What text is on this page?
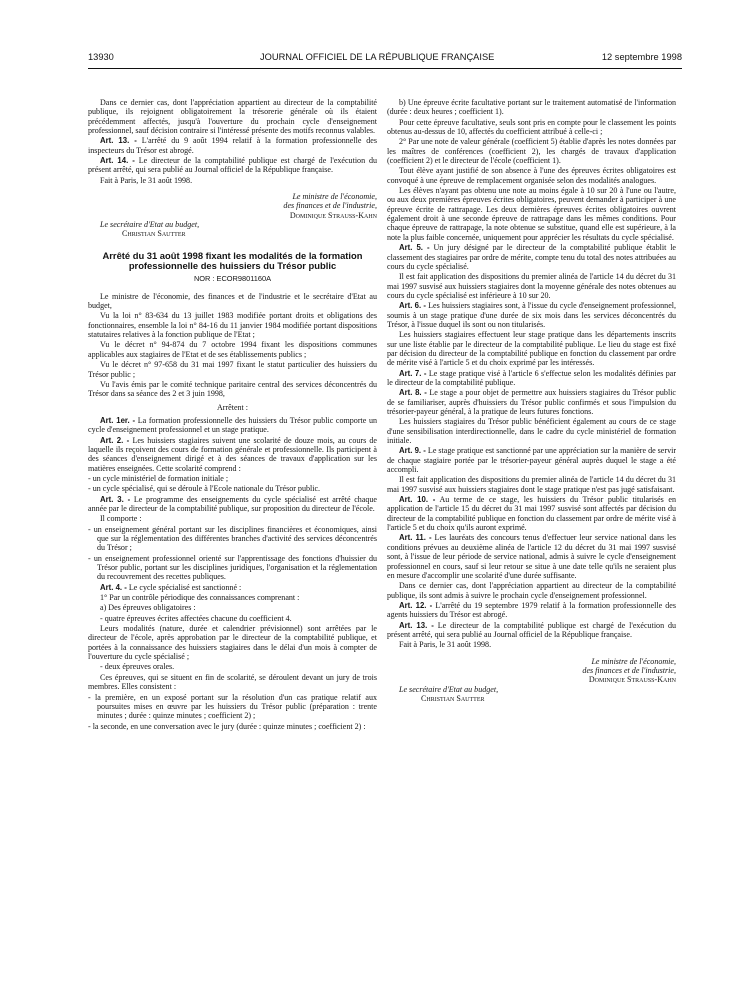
13930	JOURNAL OFFICIEL DE LA RÉPUBLIQUE FRANÇAISE	12 septembre 1998

Dans ce dernier cas, dont l'appréciation appartient au directeur de la comptabilité publique, ils rejoignent obligatoirement la trésorerie générale où ils étaient précédemment affectés, jusqu'à l'ouverture du prochain cycle d'enseignement professionnel, sauf décision contraire si l'intéressé présente des motifs reconnus valables.

Art. 13. - L'arrêté du 9 août 1994 relatif à la formation professionnelle des inspecteurs du Trésor est abrogé.

Art. 14. - Le directeur de la comptabilité publique est chargé de l'exécution du présent arrêté, qui sera publié au Journal officiel de la République française.

Fait à Paris, le 31 août 1998.

Le ministre de l'économie,

des finances et de l'industrie,

Dominique Strauss-Kahn

Le secrétaire d'Etat au budget,

Christian Sautter

Arrêté du 31 août 1998 fixant les modalités de la formation professionnelle des huissiers du Trésor public
NOR : ECOR9801160A

Le ministre de l'économie, des finances et de l'industrie et le secrétaire d'Etat au budget,

Vu la loi n° 83-634 du 13 juillet 1983 modifiée portant droits et obligations des fonctionnaires, ensemble la loi n° 84-16 du 11 janvier 1984 modifiée portant dispositions statutaires relatives à la fonction publique de l'Etat ;

Vu le décret n° 94-874 du 7 octobre 1994 fixant les dispositions communes applicables aux stagiaires de l'Etat et de ses établissements publics ;

Vu le décret n° 97-658 du 31 mai 1997 fixant le statut particulier des huissiers du Trésor public ;

Vu l'avis émis par le comité technique paritaire central des services déconcentrés du Trésor dans sa séance des 2 et 3 juin 1998,

Arrêtent :

Art. 1er. - La formation professionnelle des huissiers du Trésor public comporte un cycle d'enseignement professionnel et un stage pratique.

Art. 2. - Les huissiers stagiaires suivent une scolarité de douze mois, au cours de laquelle ils reçoivent des cours de formation générale et professionnelle. Ils participent à des séances d'enseignement dirigé et à des séances de travaux d'application sur les matières enseignées. Cette scolarité comprend :

- un cycle ministériel de formation initiale ;

- un cycle spécialisé, qui se déroule à l'Ecole nationale du Trésor public.

Art. 3. - Le programme des enseignements du cycle spécialisé est arrêté chaque année par le directeur de la comptabilité publique, sur proposition du directeur de l'école.

Il comporte :

- un enseignement général portant sur les disciplines financières et économiques, ainsi que sur la réglementation des différentes branches d'activité des services déconcentrés du Trésor ;

- un enseignement professionnel orienté sur l'apprentissage des fonctions d'huissier du Trésor public, portant sur les disciplines juridiques, l'organisation et la réglementation du recouvrement des recettes publiques.

Art. 4. - Le cycle spécialisé est sanctionné :

1° Par un contrôle périodique des connaissances comprenant :

a) Des épreuves obligatoires :

- quatre épreuves écrites affectées chacune du coefficient 4.

Leurs modalités (nature, durée et calendrier prévisionnel) sont arrêtées par le directeur de l'école, après approbation par le directeur de la comptabilité publique, et portées à la connaissance des huissiers stagiaires dans le délai d'un mois à compter de l'ouverture du cycle spécialisé ;

- deux épreuves orales.

Ces épreuves, qui se situent en fin de scolarité, se déroulent devant un jury de trois membres. Elles consistent :

- la première, en un exposé portant sur la résolution d'un cas pratique relatif aux poursuites mises en œuvre par les huissiers du Trésor public (préparation : trente minutes ; durée : quinze minutes ; coefficient 2) ;

- la seconde, en une conversation avec le jury (durée : quinze minutes ; coefficient 2) :

b) Une épreuve écrite facultative portant sur le traitement automatisé de l'information (durée : deux heures ; coefficient 1).

Pour cette épreuve facultative, seuls sont pris en compte pour le classement les points obtenus au-dessus de 10, affectés du coefficient attribué à celle-ci ;

2° Par une note de valeur générale (coefficient 5) établie d'après les notes données par les maîtres de conférences (coefficient 2), les chargés de travaux d'application (coefficient 2) et le directeur de l'école (coefficient 1).

Tout élève ayant justifié de son absence à l'une des épreuves écrites obligatoires est convoqué à une épreuve de remplacement organisée selon des modalités analogues.

Les élèves n'ayant pas obtenu une note au moins égale à 10 sur 20 à l'une ou l'autre, ou aux deux premières épreuves écrites obligatoires, peuvent demander à participer à une épreuve écrite de rattrapage. Les deux dernières épreuves écrites obligatoires ouvrent également droit à une seconde épreuve de rattrapage dans les mêmes conditions. Pour chaque épreuve de rattrapage, la note obtenue se substitue, quand elle est supérieure, à la note la plus faible concernée, uniquement pour apprécier les résultats du cycle spécialisé.

Art. 5. - Un jury désigné par le directeur de la comptabilité publique établit le classement des stagiaires par ordre de mérite, compte tenu du total des notes attribuées au cours du cycle spécialisé.

Il est fait application des dispositions du premier alinéa de l'article 14 du décret du 31 mai 1997 susvisé aux huissiers stagiaires dont la moyenne générale des notes obtenues au cours du cycle spécialisé est inférieure à 10 sur 20.

Art. 6. - Les huissiers stagiaires sont, à l'issue du cycle d'enseignement professionnel, soumis à un stage pratique d'une durée de six mois dans les services déconcentrés du Trésor, à l'issue duquel ils sont ou non titularisés.

Les huissiers stagiaires effectuent leur stage pratique dans les départements inscrits sur une liste établie par le directeur de la comptabilité publique. Le lieu du stage est fixé par décision du directeur de la comptabilité publique en fonction du classement par ordre de mérite visé à l'article 5 et du choix exprimé par les intéressés.

Art. 7. - Le stage pratique visé à l'article 6 s'effectue selon les modalités définies par le directeur de la comptabilité publique.

Art. 8. - Le stage a pour objet de permettre aux huissiers stagiaires du Trésor public de se familiariser, auprès d'huissiers du Trésor public confirmés et sous l'impulsion du trésorier-payeur général, à la pratique de leurs futures fonctions.

Les huissiers stagiaires du Trésor public bénéficient également au cours de ce stage d'une sensibilisation interdirectionnelle, dans le cadre du cycle ministériel de formation initiale.

Art. 9. - Le stage pratique est sanctionné par une appréciation sur la manière de servir de chaque stagiaire portée par le trésorier-payeur général auprès duquel le stage a été accompli.

Il est fait application des dispositions du premier alinéa de l'article 14 du décret du 31 mai 1997 susvisé aux huissiers stagiaires dont le stage pratique n'est pas jugé satisfaisant.

Art. 10. - Au terme de ce stage, les huissiers du Trésor public titularisés en application de l'article 15 du décret du 31 mai 1997 susvisé sont affectés par décision du directeur de la comptabilité publique en fonction du classement par ordre de mérite visé à l'article 5 et du choix qu'ils auront exprimé.

Art. 11. - Les lauréats des concours tenus d'effectuer leur service national dans les conditions prévues au deuxième alinéa de l'article 12 du décret du 31 mai 1997 susvisé sont, à l'issue de leur période de service national, admis à suivre le cycle d'enseignement professionnel en cours, sauf si leur retour se situe à une date telle qu'ils ne seraient plus en mesure d'accomplir une scolarité d'une durée suffisante.

Dans ce dernier cas, dont l'appréciation appartient au directeur de la comptabilité publique, ils sont admis à suivre le prochain cycle d'enseignement professionnel.

Art. 12. - L'arrêté du 19 septembre 1979 relatif à la formation professionnelle des agents huissiers du Trésor est abrogé.

Art. 13. - Le directeur de la comptabilité publique est chargé de l'exécution du présent arrêté, qui sera publié au Journal officiel de la République française.

Fait à Paris, le 31 août 1998.

Le ministre de l'économie,

des finances et de l'industrie,

Dominique Strauss-Kahn

Le secrétaire d'Etat au budget,

Christian Sautter
